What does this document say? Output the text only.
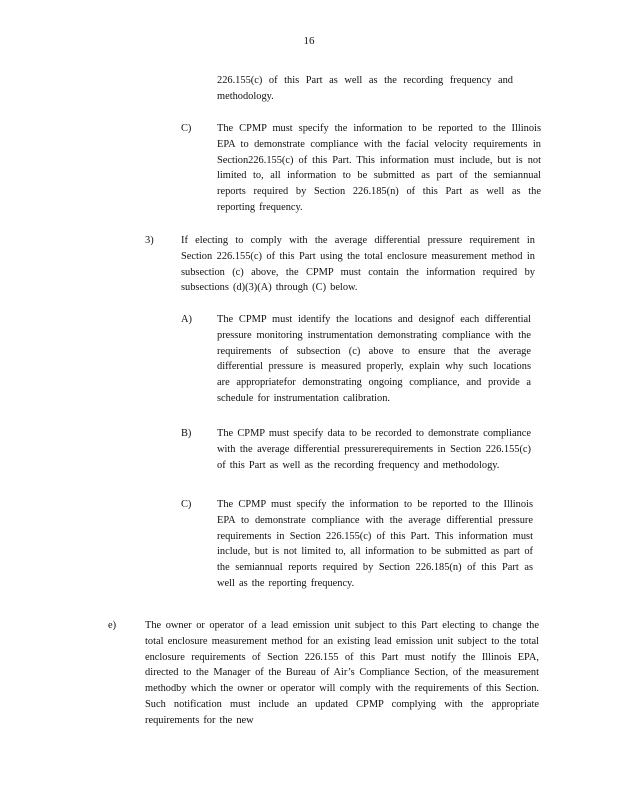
16

226.155(c) of this Part as well as the recording frequency and methodology.

C) The CPMP must specify the information to be reported to the Illinois EPA to demonstrate compliance with the facial velocity requirements in Section226.155(c) of this Part. This information must include, but is not limited to, all information to be submitted as part of the semiannual reports required by Section 226.185(n) of this Part as well as the reporting frequency.

3)	If electing to comply with the average differential pressure requirement in Section 226.155(c) of this Part using the total enclosure measurement method in subsection (c) above, the CPMP must contain the information required by subsections (d)(3)(A) through (C) below.

A) The CPMP must identify the locations and designof each differential pressure monitoring instrumentation demonstrating compliance with the requirements of subsection (c) above to ensure that the average differential pressure is measured properly, explain why such locations are appropriatefor demonstrating ongoing compliance, and provide a schedule for instrumentation calibration.

B) The CPMP must specify data to be recorded to demonstrate compliance with the average differential pressurerequirements in Section 226.155(c) of this Part as well as the recording frequency and methodology.

C) The CPMP must specify the information to be reported to the Illinois EPA to demonstrate compliance with the average differential pressure requirements in Section 226.155(c) of this Part. This information must include, but is not limited to, all information to be submitted as part of the semiannual reports required by Section 226.185(n) of this Part as well as the reporting frequency.

e)	The owner or operator of a lead emission unit subject to this Part electing to change the total enclosure measurement method for an existing lead emission unit subject to the total enclosure requirements of Section 226.155 of this Part must notify the Illinois EPA, directed to the Manager of the Bureau of Air’s Compliance Section, of the measurement methodby which the owner or operator will comply with the requirements of this Section. Such notification must include an updated CPMP complying with the appropriate requirements for the new
